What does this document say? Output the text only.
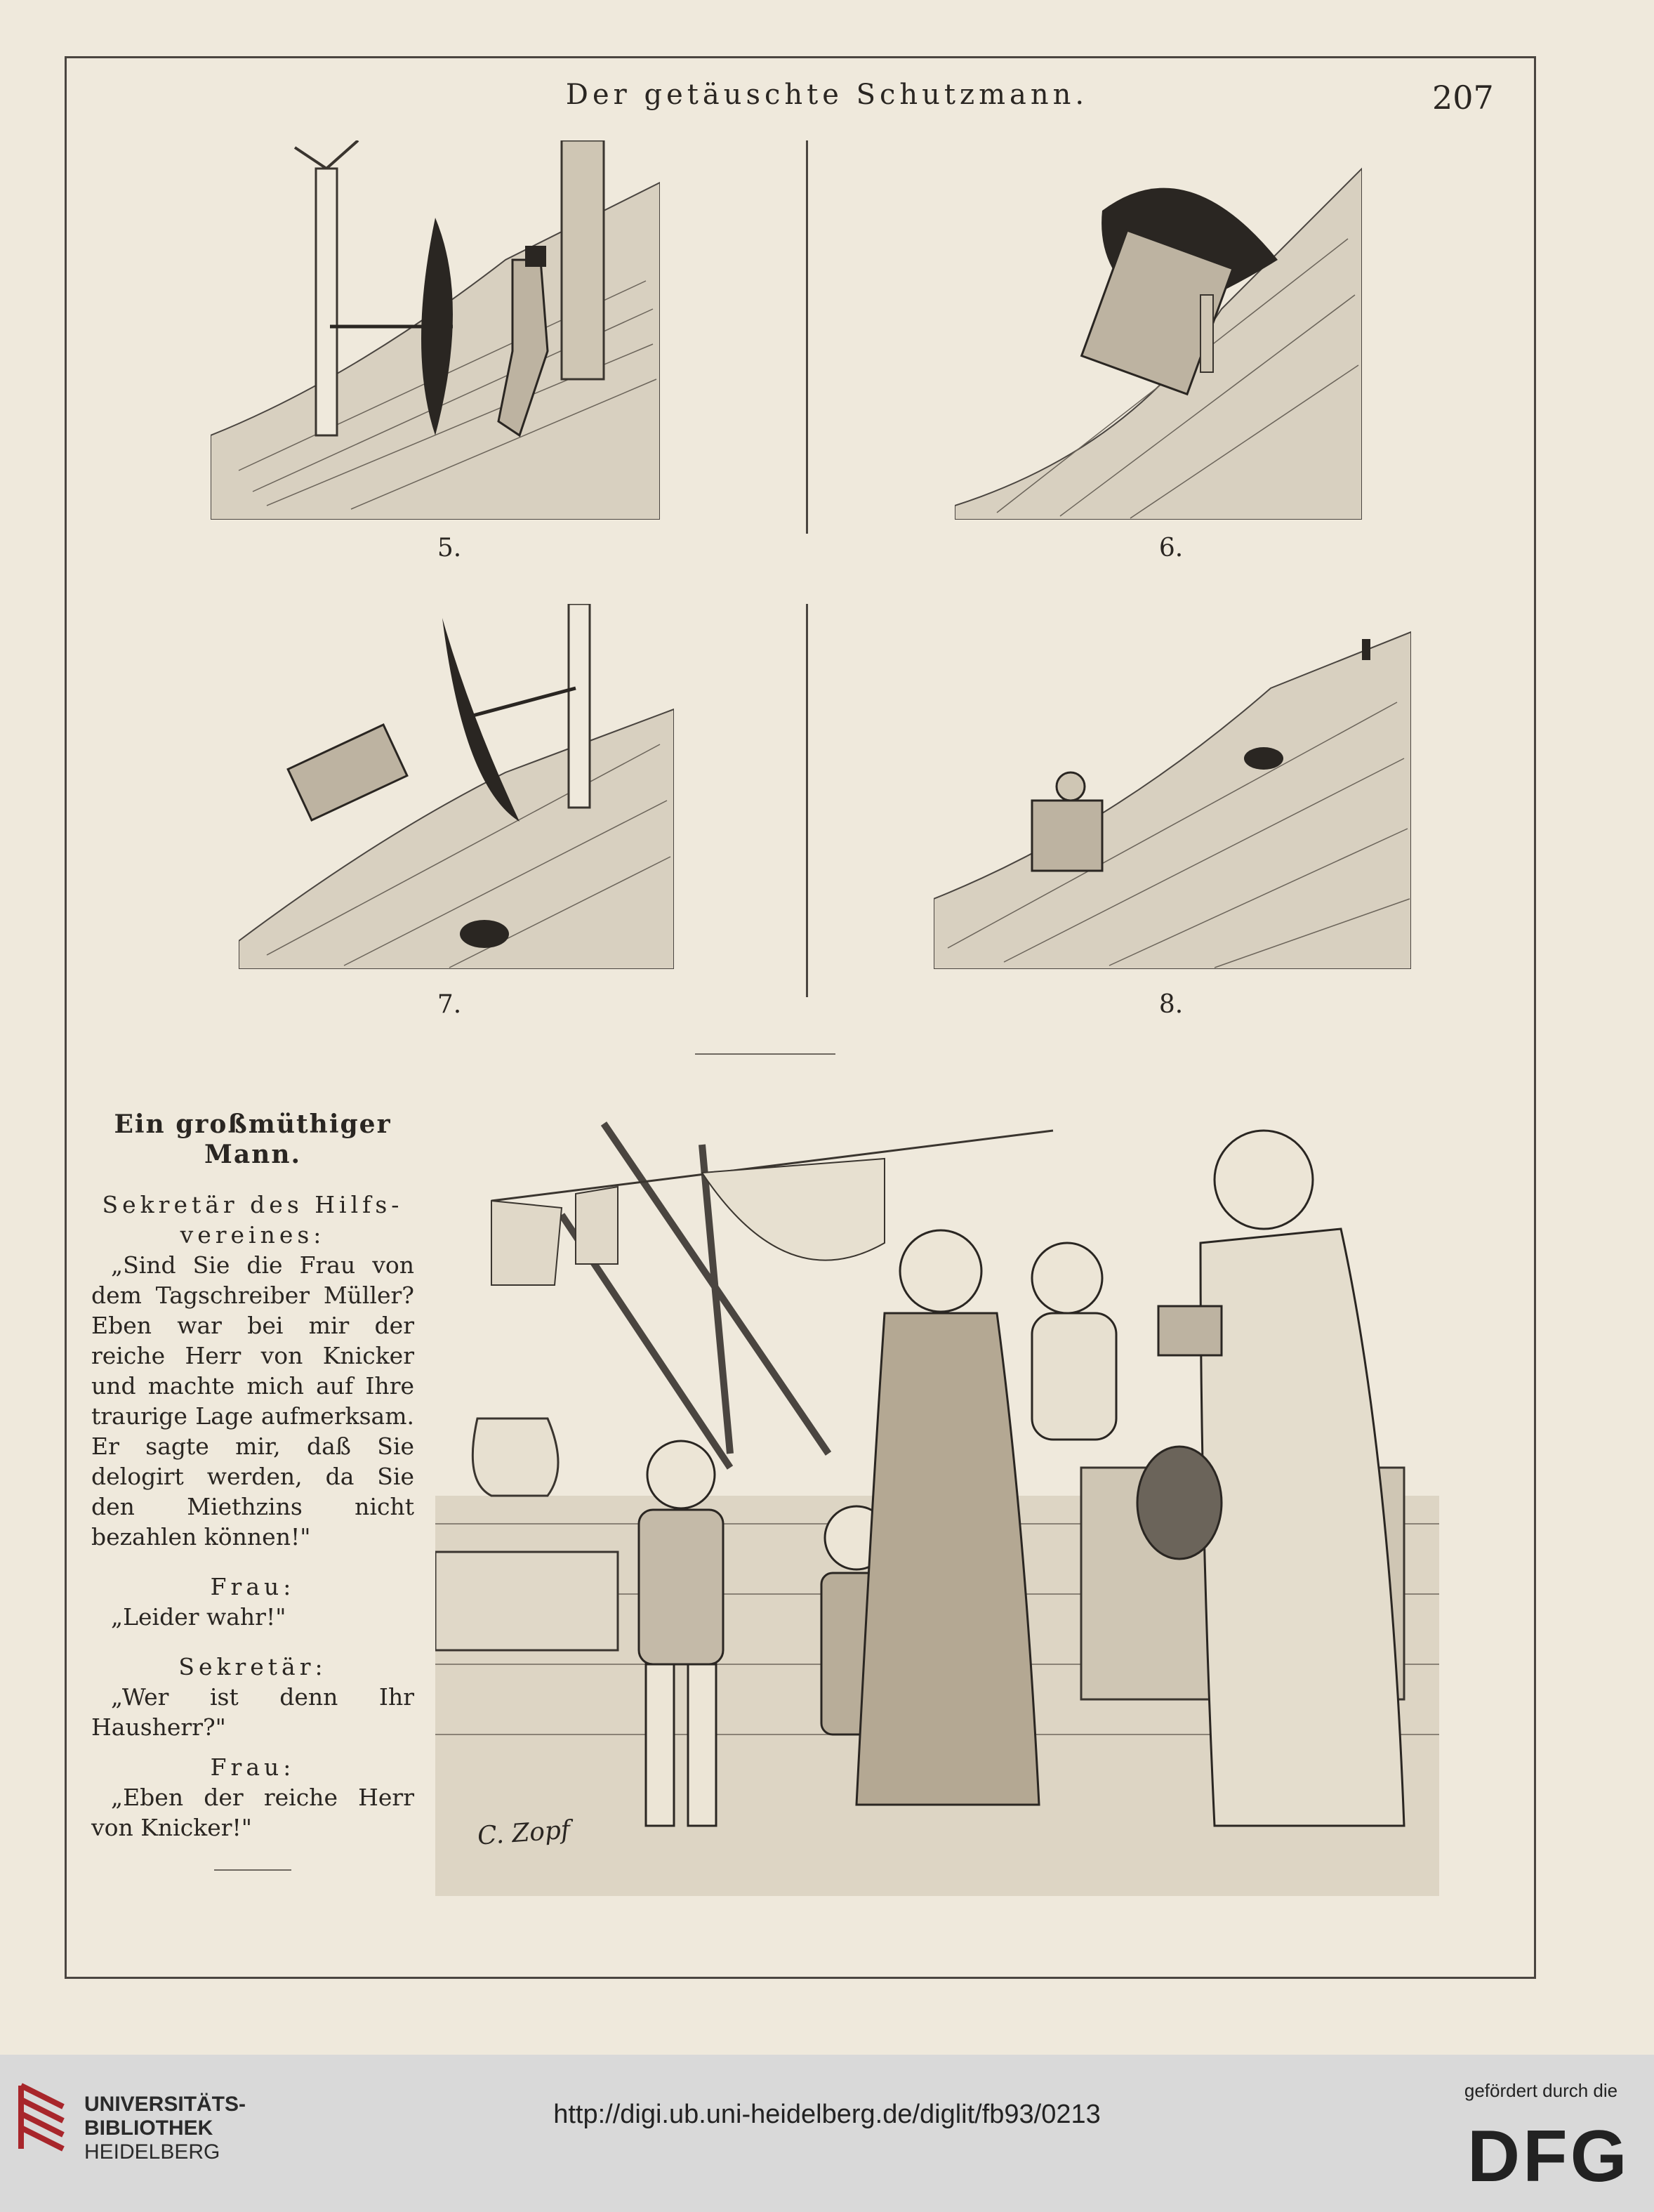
Der getäuschte Schutzmann.	207
5.	6.
7.	8.
Ein großmüthiger
Mann.
Sekretär des Hilfs-
vereines:
„Sind Sie die Frau von dem Tagschreiber Müller? Eben war bei mir der reiche Herr von Knicker und machte mich auf Ihre traurige Lage aufmerksam. Er sagte mir, daß Sie delogirt werden, da Sie den Miethzins nicht bezahlen können!"
Frau:
„Leider wahr!"
Sekretär:
„Wer ist denn Ihr Hausherr?"
Frau:
„Eben der reiche Herr von Knicker!"	C. Zopf
UNIVERSITÄTS-
BIBLIOTHEK
HEIDELBERG
http://digi.ub.uni-heidelberg.de/diglit/fb93/0213
gefördert durch die
DFG
